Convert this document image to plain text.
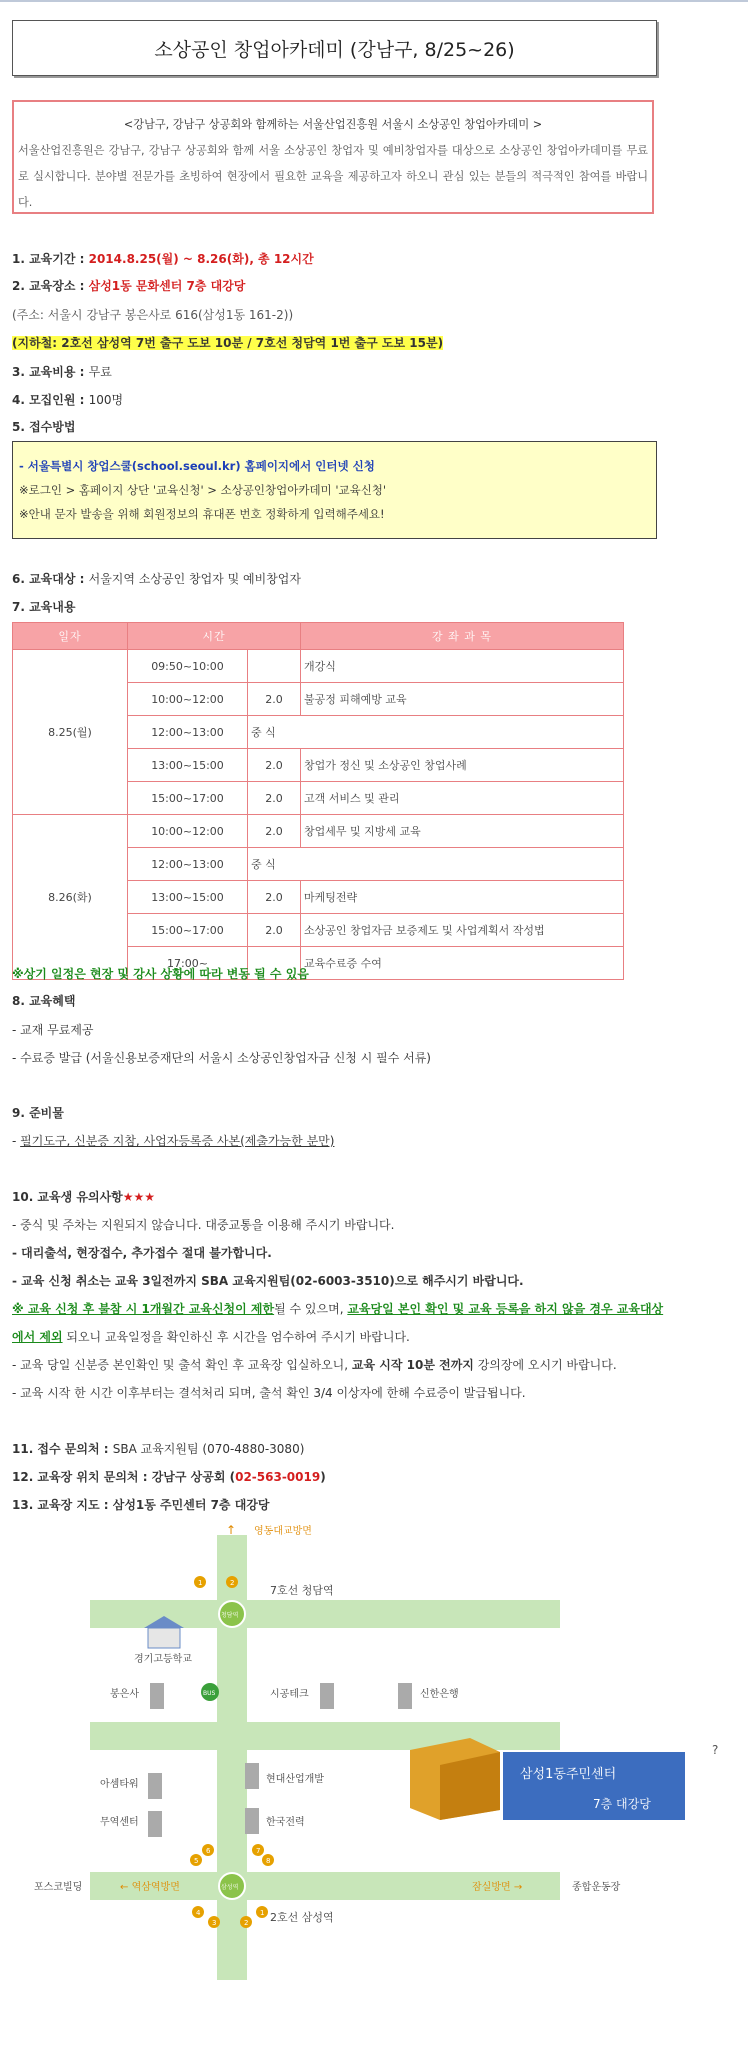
소상공인 창업아카데미 (강남구, 8/25~26)
<강남구, 강남구 상공회와 함께하는 서울산업진흥원 서울시 소상공인 창업아카데미 >
서울산업진흥원은 강남구, 강남구 상공회와 함께 서울 소상공인 창업자 및 예비창업자를 대상으로 소상공인 창업아카데미를 무료로 실시합니다. 분야별 전문가를 초빙하여 현장에서 필요한 교육을 제공하고자 하오니 관심 있는 분들의 적극적인 참여를 바랍니다.
1. 교육기간 : 2014.8.25(월) ~ 8.26(화), 총 12시간
2. 교육장소 : 삼성1동 문화센터 7층 대강당
(주소: 서울시 강남구 봉은사로 616(삼성1동 161-2))
(지하철: 2호선 삼성역 7번 출구 도보 10분 / 7호선 청담역 1번 출구 도보 15분)
3. 교육비용 : 무료
4. 모집인원 : 100명
5. 접수방법
- 서울특별시 창업스쿨(school.seoul.kr) 홈페이지에서 인터넷 신청
※로그인 > 홈페이지 상단 '교육신청' > 소상공인창업아카데미 '교육신청'
※안내 문자 발송을 위해 회원정보의 휴대폰 번호 정확하게 입력해주세요!
6. 교육대상 : 서울지역 소상공인 창업자 및 예비창업자
7. 교육내용
일자	시간		강 좌 과 목
8.25(월)	09:50~10:00		개강식
	10:00~12:00	2.0	불공정 피해예방 교육
	12:00~13:00	중 식	
	13:00~15:00	2.0	창업가 정신 및 소상공인 창업사례
	15:00~17:00	2.0	고객 서비스 및 관리
8.26(화)	10:00~12:00	2.0	창업세무 및 지방세 교육
	12:00~13:00	중 식	
	13:00~15:00	2.0	마케팅전략
	15:00~17:00	2.0	소상공인 창업자금 보증제도 및 사업계획서 작성법
	17:00~		교육수료증 수여
※상기 일정은 현장 및 강사 상황에 따라 변동 될 수 있음
8. 교육혜택
- 교재 무료제공
- 수료증 발급 (서울신용보증재단의 서울시 소상공인창업자금 신청 시 필수 서류)
9. 준비물
- 필기도구, 신분증 지참, 사업자등록증 사본(제출가능한 분만)
10. 교육생 유의사항★★★
- 중식 및 주차는 지원되지 않습니다. 대중교통을 이용해 주시기 바랍니다.
- 대리출석, 현장접수, 추가접수 절대 불가합니다.
- 교육 신청 취소는 교육 3일전까지 SBA 교육지원팀(02-6003-3510)으로 해주시기 바랍니다.
※ 교육 신청 후 불참 시 1개월간 교육신청이 제한될 수 있으며, 교육당일 본인 확인 및 교육 등록을 하지 않을 경우 교육대상
에서 제외 되오니 교육일정을 확인하신 후 시간을 엄수하여 주시기 바랍니다.
- 교육 당일 신분증 본인확인 및 출석 확인 후 교육장 입실하오니, 교육 시작 10분 전까지 강의장에 오시기 바랍니다.
- 교육 시작 한 시간 이후부터는 결석처리 되며, 출석 확인 3/4 이상자에 한해 수료증이 발급됩니다.
11. 접수 문의처 : SBA 교육지원팀 (070-4880-3080)
12. 교육장 위치 문의처 : 강남구 상공회 (02-563-0019)
13. 교육장 지도 : 삼성1동 주민센터 7층 대강당
↑ 영동대교방면
7호선 청담역
청담역
경기고등학교
BUS
봉은사	시공테크	신한은행
아셈타워	현대산업개발
무역센터	한국전력
삼성1동주민센터
7층 대강당
포스코빌딩	← 역삼역방면	삼성역	잠실방면 →	종합운동장
2호선 삼성역
1	2
1
2
3
4
5
6	7
8
?
